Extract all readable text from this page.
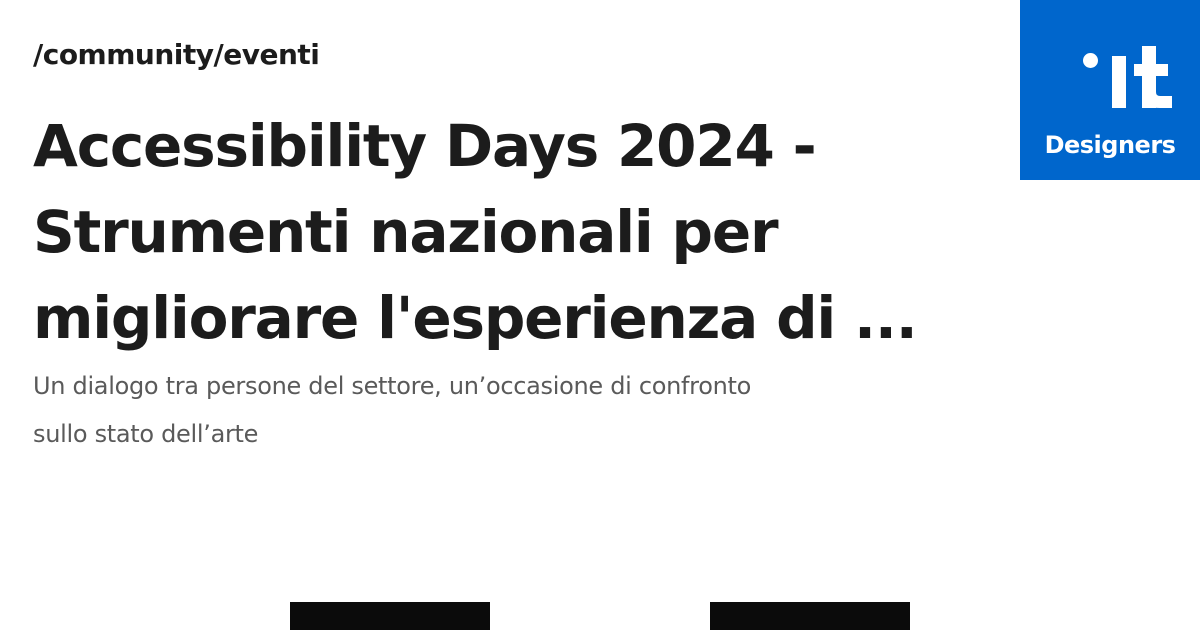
/community/eventi
Accessibility Days 2024 -
Strumenti nazionali per
migliorare l'esperienza di ...

Un dialogo tra persone del settore, un’occasione di confronto
sullo stato dell’arte

Designers
